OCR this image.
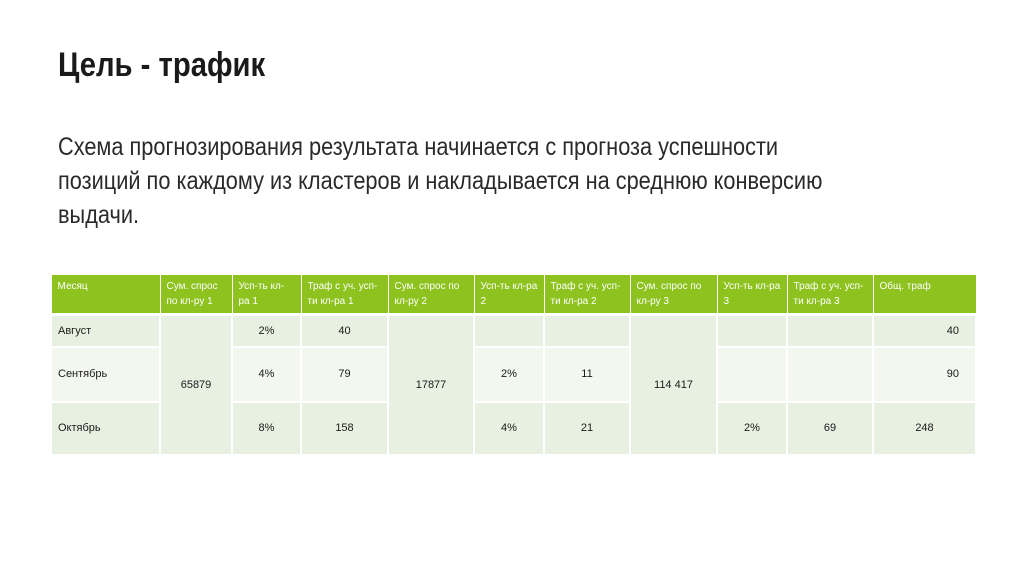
Цель - трафик
Схема прогнозирования результата начинается с прогноза успешности
позиций по каждому из кластеров и накладывается на среднюю конверсию
выдачи.
Месяц	Сум. спрос по кл-ру 1	Усп-ть кл-ра 1	Траф с уч. усп-ти кл-ра 1	Сум. спрос по кл-ру 2	Усп-ть кл-ра 2	Траф с уч. усп-ти кл-ра 2	Сум. спрос по кл-ру 3	Усп-ть кл-ра 3	Траф с уч. усп-ти кл-ра 3	Общ. траф
Август	65879	2%	40	17877			114 417			40
Сентябрь		4%	79		2%	11				90
Октябрь		8%	158		4%	21		2%	69	248
